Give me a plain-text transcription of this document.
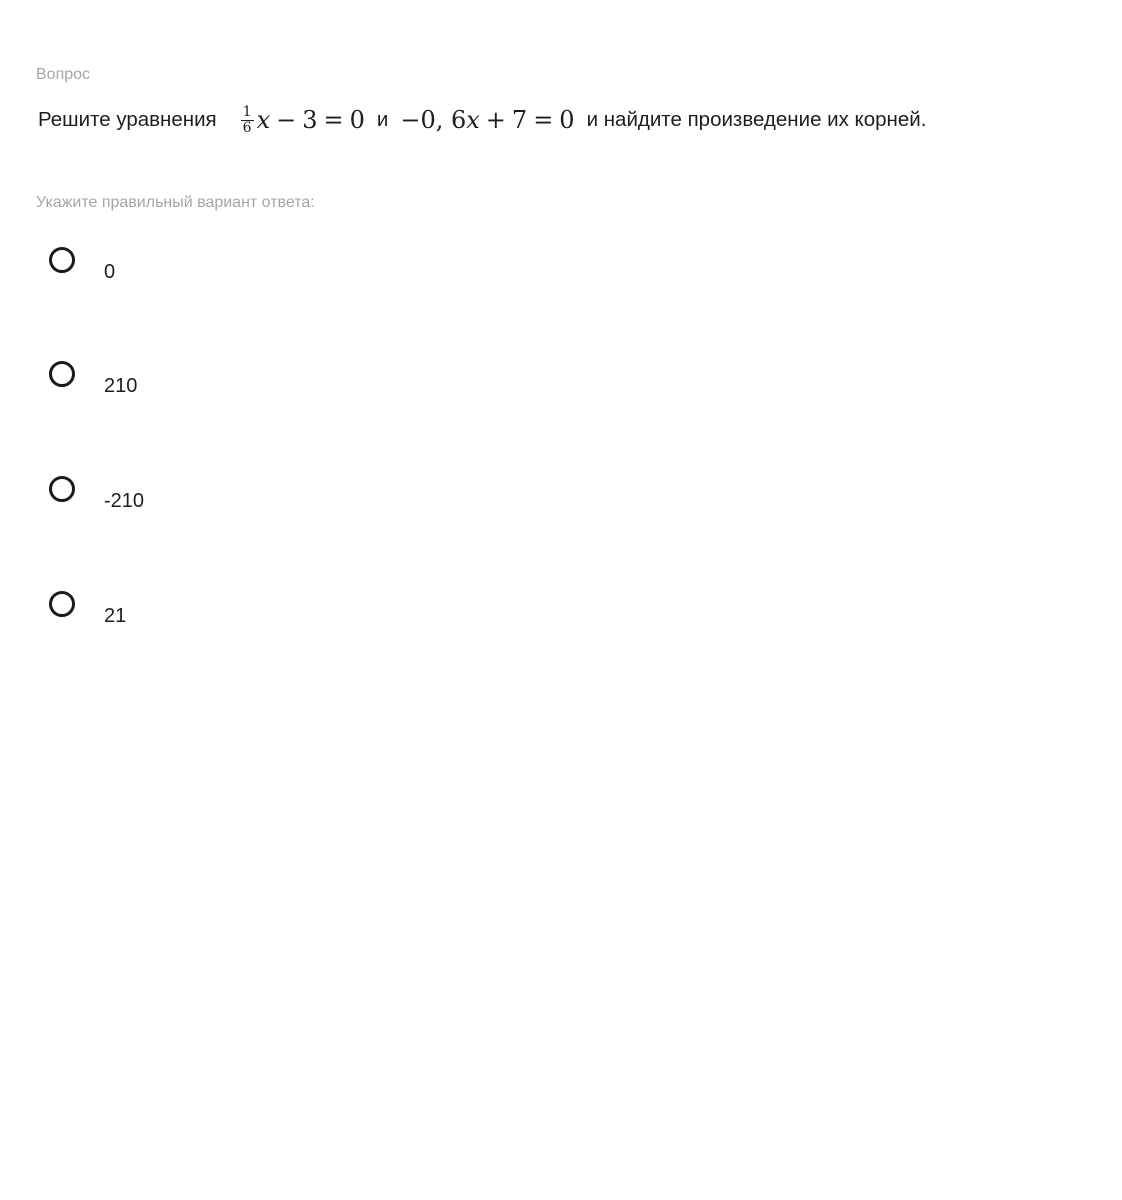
Вопрос
Решите уравнения $\frac{1}{6}$ x − 3 = 0 и −0, 6 x + 7 = 0 и найдите произведение их корней.
Укажите правильный вариант ответа:
0
210
-210
21
